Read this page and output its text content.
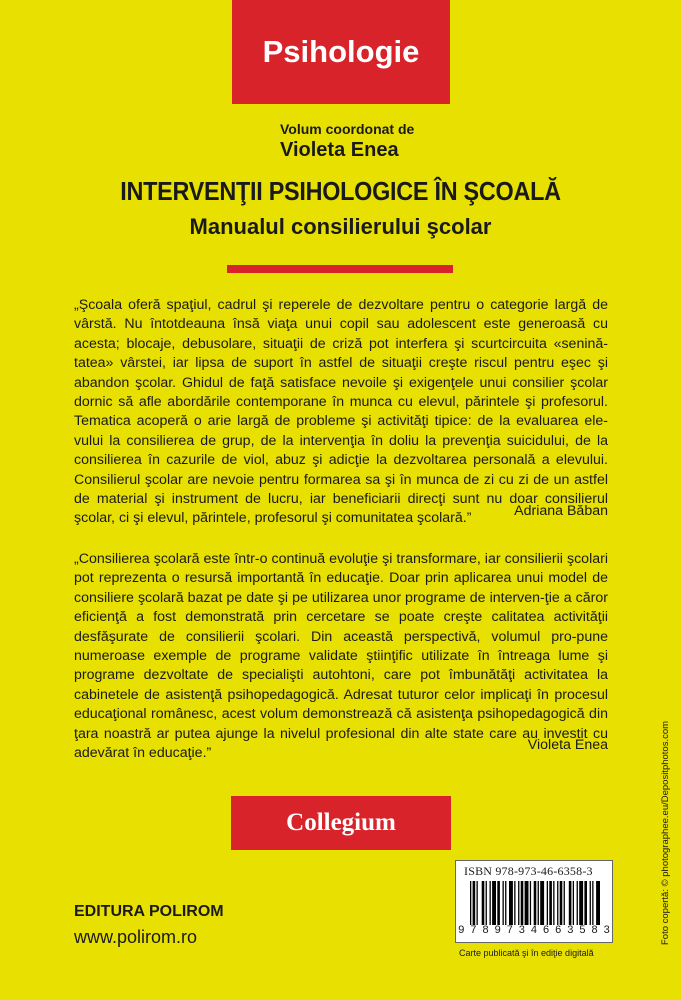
Psihologie
Volum coordonat de
Violeta Enea
INTERVENŢII PSIHOLOGICE ÎN ŞCOALĂ
Manualul consilierului şcolar

„Şcoala oferă spaţiul, cadrul şi reperele de dezvoltare pentru o categorie largă de vârstă. Nu întotdeauna însă viaţa unui copil sau adolescent este generoasă cu acesta; blocaje, debusolare, situaţii de criză pot interfera şi scurtcircuita «senină-tatea» vârstei, iar lipsa de suport în astfel de situaţii creşte riscul pentru eşec şi abandon şcolar. Ghidul de faţă satisface nevoile şi exigenţele unui consilier şcolar dornic să afle abordările contemporane în munca cu elevul, părintele şi profesorul. Tematica acoperă o arie largă de probleme şi activităţi tipice: de la evaluarea ele-vului la consilierea de grup, de la intervenţia în doliu la prevenţia suicidului, de la consilierea în cazurile de viol, abuz şi adicţie la dezvoltarea personală a elevului. Consilierul şcolar are nevoie pentru formarea sa şi în munca de zi cu zi de un astfel de material şi instrument de lucru, iar beneficiarii direcţi sunt nu doar consilierul şcolar, ci şi elevul, părintele, profesorul şi comunitatea şcolară.”	Adriana Băban

„Consilierea şcolară este într-o continuă evoluţie şi transformare, iar consilierii şcolari pot reprezenta o resursă importantă în educaţie. Doar prin aplicarea unui model de consiliere şcolară bazat pe date şi pe utilizarea unor programe de interven-ţie a căror eficienţă a fost demonstrată prin cercetare se poate creşte calitatea activităţii desfăşurate de consilierii şcolari. Din această perspectivă, volumul pro-pune numeroase exemple de programe validate ştiinţific utilizate în întreaga lume şi programe dezvoltate de specialişti autohtoni, care pot îmbunătăţi activitatea la cabinetele de asistenţă psihopedagogică. Adresat tuturor celor implicaţi în procesul educaţional românesc, acest volum demonstrează că asistenţa psihopedagogică din ţara noastră ar putea ajunge la nivelul profesional din alte state care au investit cu adevărat în educaţie.”

Violeta Enea
Collegium
EDITURA POLIROM
www.polirom.ro
ISBN 978-973-46-6358-3
9 7 8 9 7 3 4 6 6 3 5 8 3
Carte publicată şi în ediţie digitală
Foto copertă: © photographee.eu/Depositphotos.com
